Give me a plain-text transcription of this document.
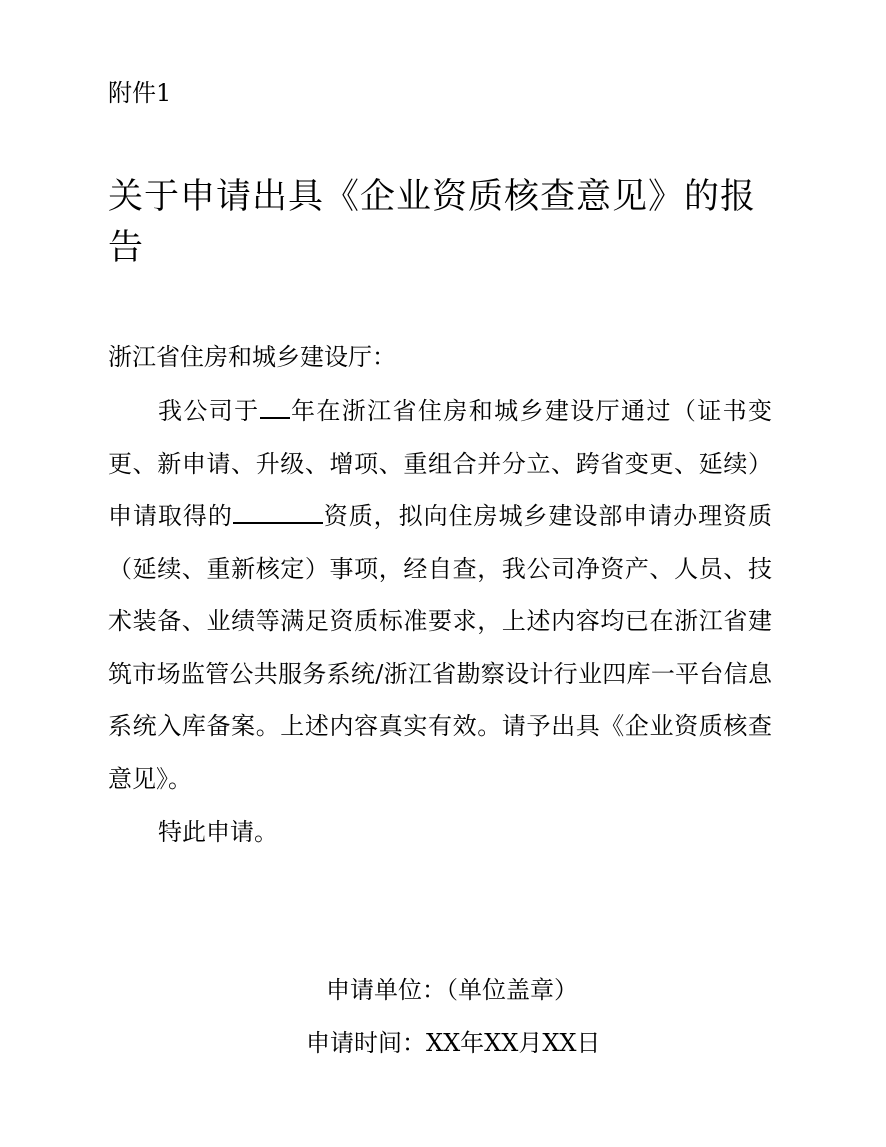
附件1
关于申请出具《企业资质核查意见》的报告
浙江省住房和城乡建设厅：
我公司于 年在浙江省住房和城乡建设厅通过（证书变更、新申请、升级、增项、重组合并分立、跨省变更、延续）申请取得的	资质，拟向住房城乡建设部申请办理资质（延续、重新核定）事项，经自查，我公司净资产、人员、技术装备、业绩等满足资质标准要求，上述内容均已在浙江省建筑市场监管公共服务系统/浙江省勘察设计行业四库一平台信息系统入库备案。上述内容真实有效。请予出具《企业资质核查意见》。
特此申请。
申请单位：（单位盖章）
申请时间：XX年XX月XX日
